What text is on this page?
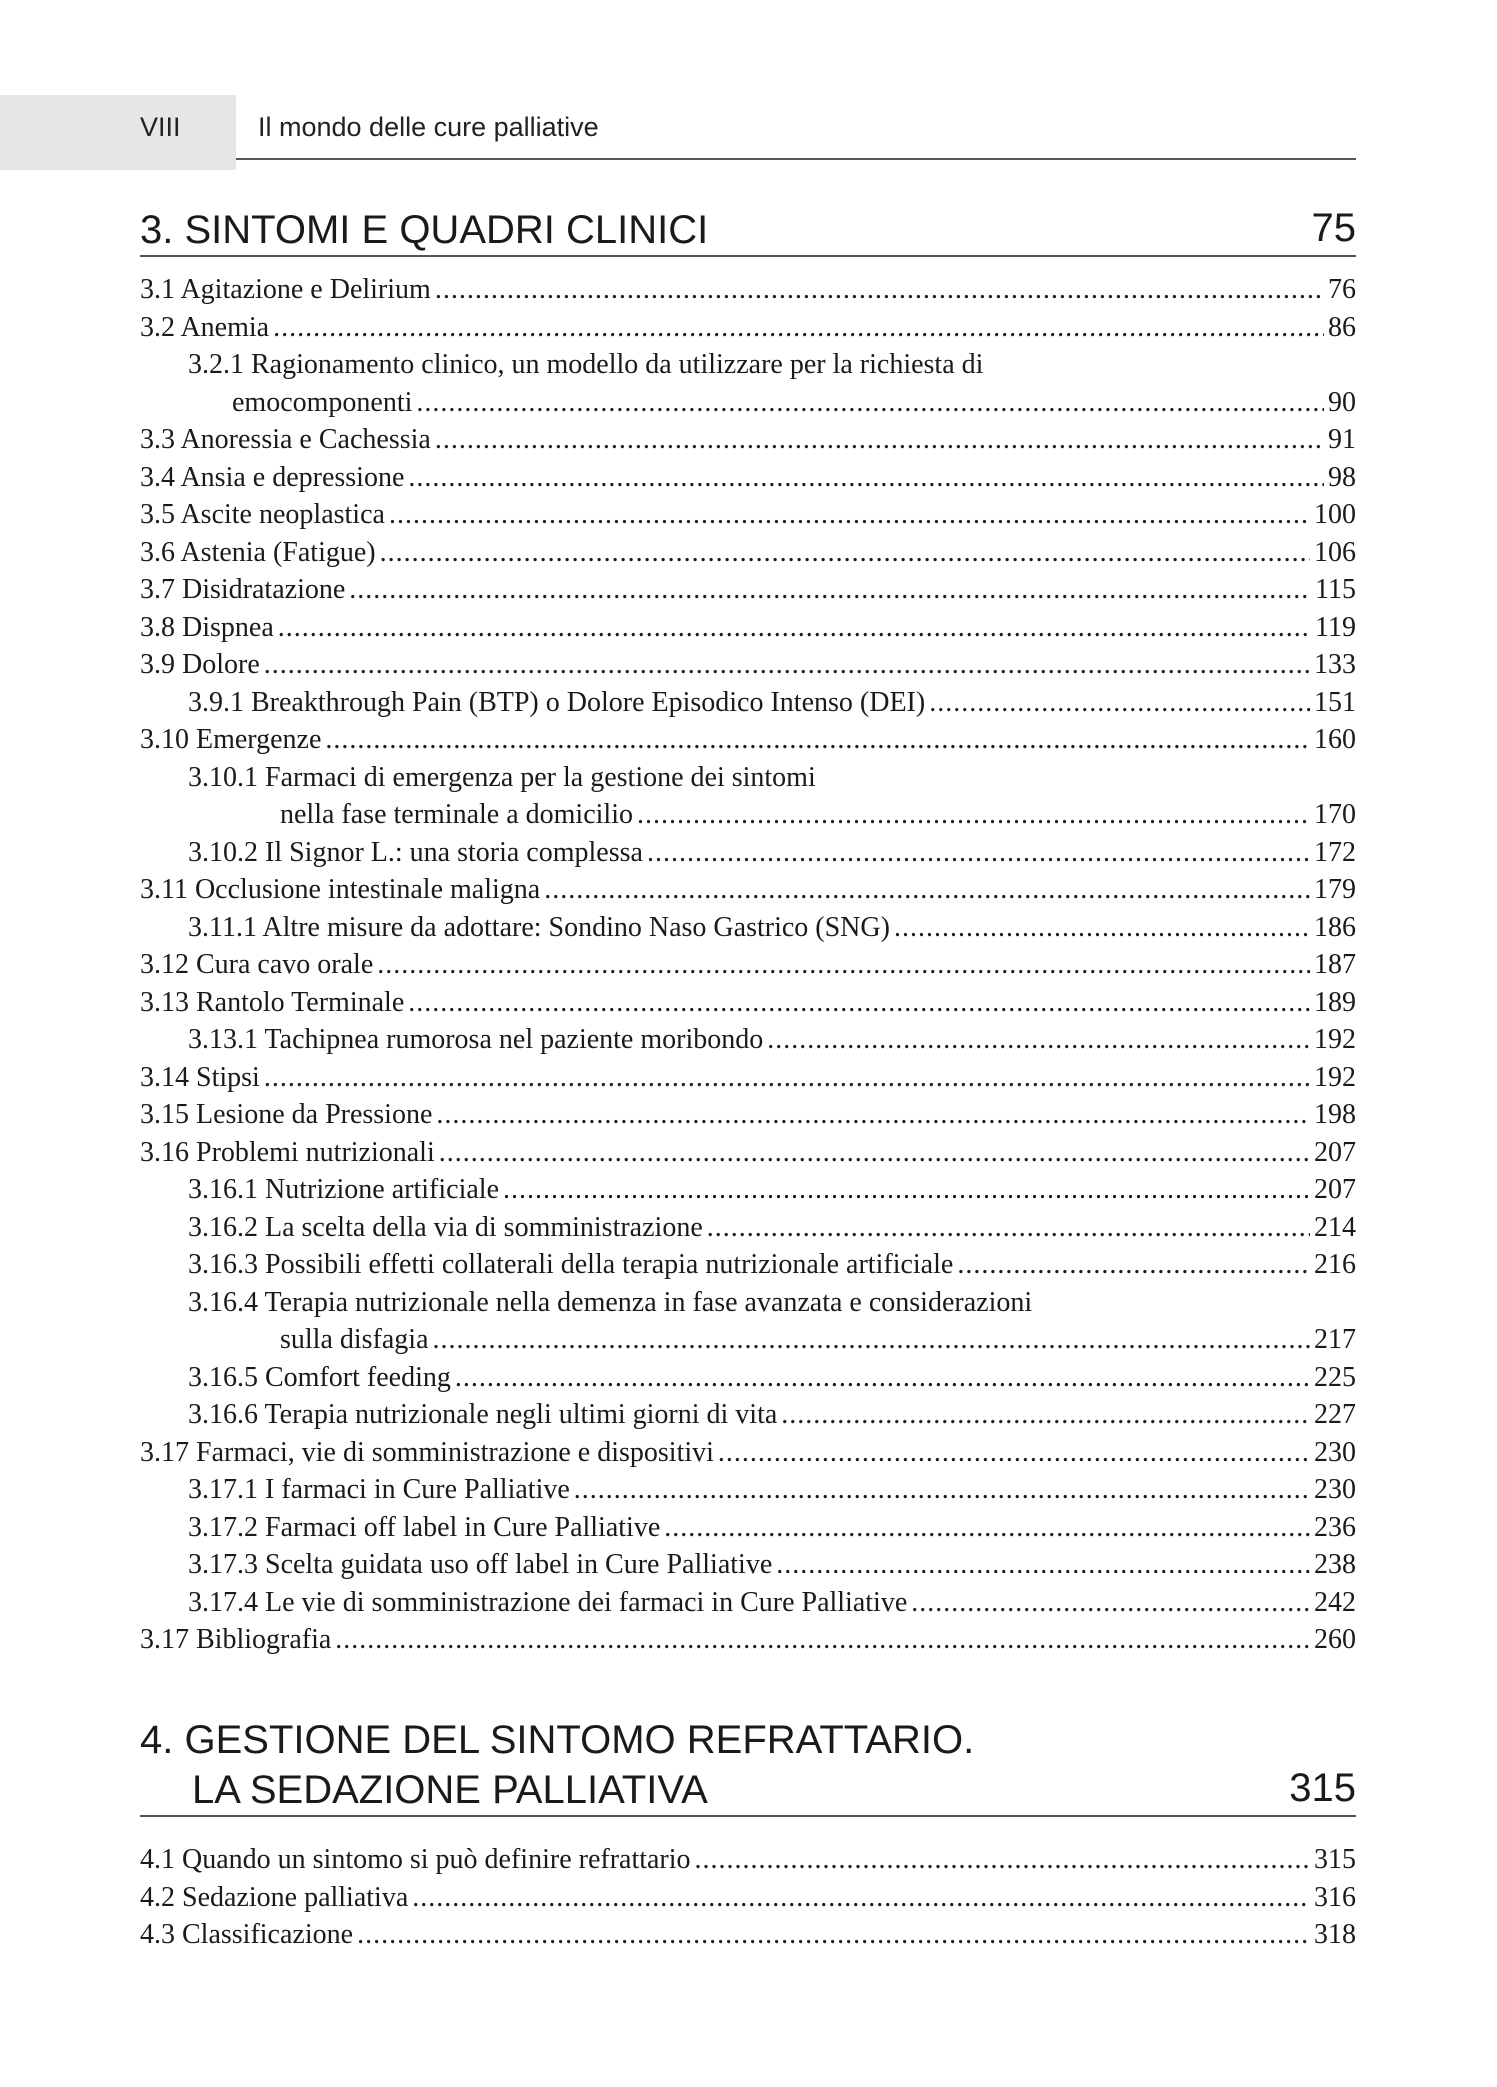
VIII	Il mondo delle cure palliative
3. SINTOMI E QUADRI CLINICI	75
3.1 Agitazione e Delirium .....	76
3.2 Anemia .....	86
3.2.1 Ragionamento clinico, un modello da utilizzare per la richiesta di
emocomponenti .....	90
3.3 Anoressia e Cachessia .....	91
3.4 Ansia e depressione .....	98
3.5 Ascite neoplastica .....	100
3.6 Astenia (Fatigue) .....	106
3.7 Disidratazione .....	115
3.8 Dispnea .....	119
3.9 Dolore .....	133
3.9.1 Breakthrough Pain (BTP) o Dolore Episodico Intenso (DEI) .....	151
3.10 Emergenze .....	160
3.10.1 Farmaci di emergenza per la gestione dei sintomi
nella fase terminale a domicilio .....	170
3.10.2 Il Signor L.: una storia complessa .....	172
3.11 Occlusione intestinale maligna .....	179
3.11.1 Altre misure da adottare: Sondino Naso Gastrico (SNG) .....	186
3.12 Cura cavo orale .....	187
3.13 Rantolo Terminale .....	189
3.13.1 Tachipnea rumorosa nel paziente moribondo .....	192
3.14 Stipsi .....	192
3.15 Lesione da Pressione .....	198
3.16 Problemi nutrizionali .....	207
3.16.1 Nutrizione artificiale .....	207
3.16.2 La scelta della via di somministrazione .....	214
3.16.3 Possibili effetti collaterali della terapia nutrizionale artificiale .....	216
3.16.4 Terapia nutrizionale nella demenza in fase avanzata e considerazioni
sulla disfagia .....	217
3.16.5 Comfort feeding .....	225
3.16.6 Terapia nutrizionale negli ultimi giorni di vita .....	227
3.17 Farmaci, vie di somministrazione e dispositivi .....	230
3.17.1 I farmaci in Cure Palliative .....	230
3.17.2 Farmaci off label in Cure Palliative .....	236
3.17.3 Scelta guidata uso off label in Cure Palliative .....	238
3.17.4 Le vie di somministrazione dei farmaci in Cure Palliative .....	242
3.17 Bibliografia .....	260
4. GESTIONE DEL SINTOMO REFRATTARIO.
LA SEDAZIONE PALLIATIVA	315
4.1 Quando un sintomo si può definire refrattario .....	315
4.2 Sedazione palliativa .....	316
4.3 Classificazione .....	318
